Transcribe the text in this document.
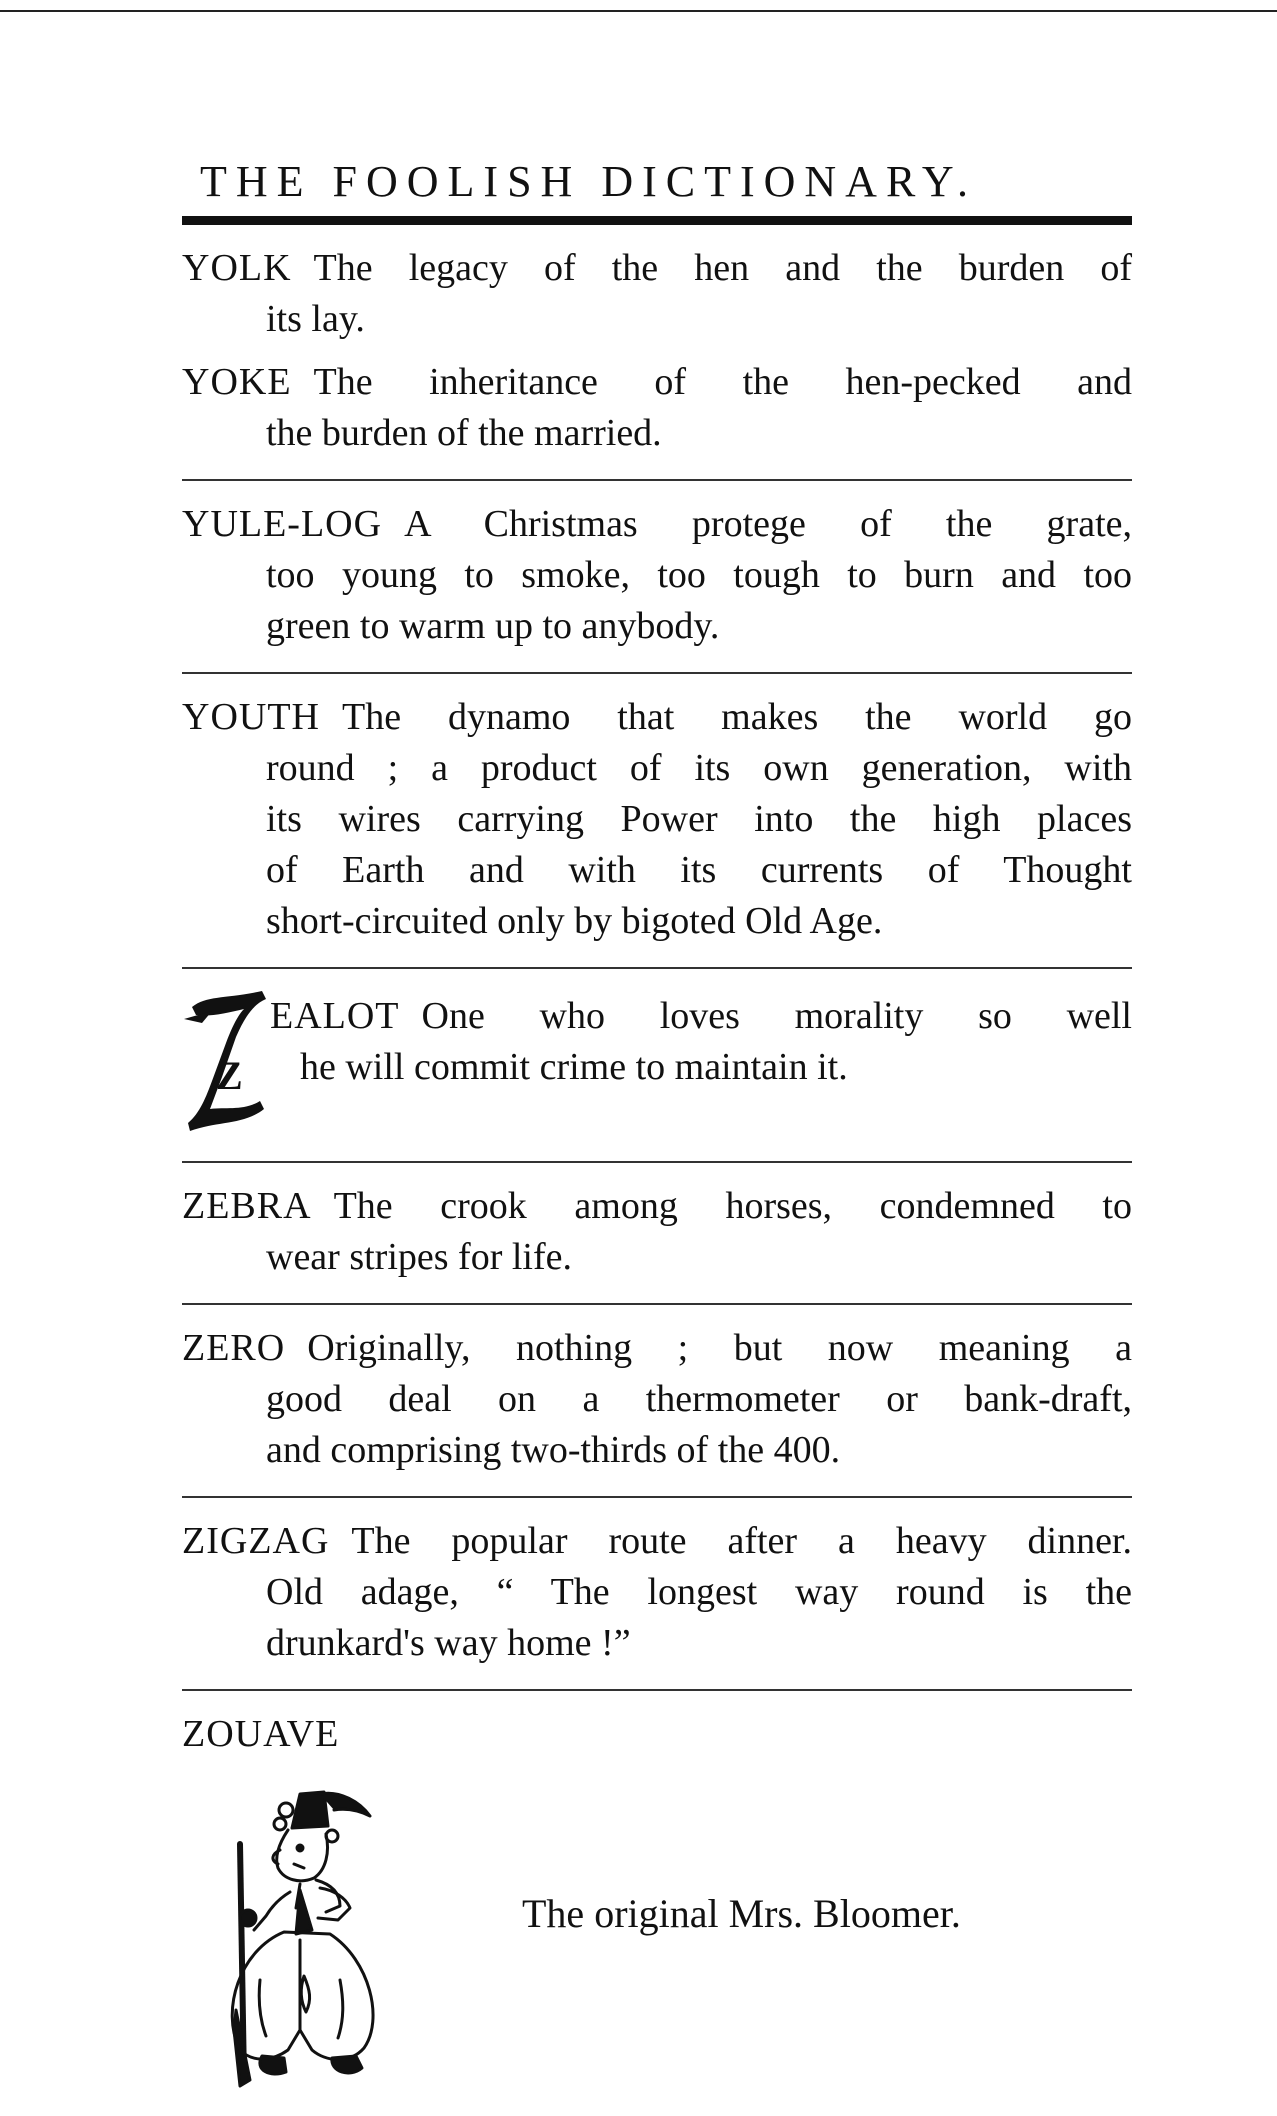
THE FOOLISH DICTIONARY.
YOLK The legacy of the hen and the burden of
its lay.
YOKE The inheritance of the hen-pecked and
the burden of the married.
YULE-LOG A Christmas protege of the grate,
too young to smoke, too tough to burn and too
green to warm up to anybody.
YOUTH The dynamo that makes the world go
round ; a product of its own generation, with
its wires carrying Power into the high places
of Earth and with its currents of Thought
short-circuited only by bigoted Old Age.
Z
EALOT One who loves morality so well
he will commit crime to maintain it.
ZEBRA The crook among horses, condemned to
wear stripes for life.
ZERO Originally, nothing ; but now meaning a
good deal on a thermometer or bank-draft,
and comprising two-thirds of the 400.
ZIGZAG The popular route after a heavy dinner.
Old adage, “ The longest way round is the
drunkard's way home !”
ZOUAVE
The original Mrs. Bloomer.
